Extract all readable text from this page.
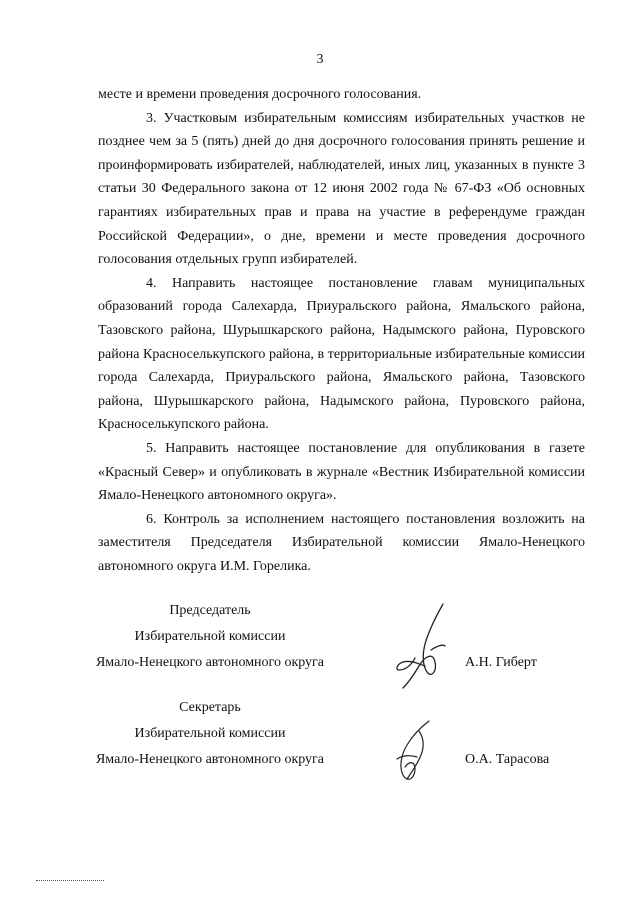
3

месте и времени проведения досрочного голосования.

3. Участковым избирательным комиссиям избирательных участков не позднее чем за 5 (пять) дней до дня досрочного голосования принять решение и проинформировать избирателей, наблюдателей, иных лиц, указанных в пункте 3 статьи 30 Федерального закона от 12 июня 2002 года № 67-ФЗ «Об основных гарантиях избирательных прав и права на участие в референдуме граждан Российской Федерации», о дне, времени и месте проведения досрочного голосования отдельных групп избирателей.

4. Направить настоящее постановление главам муниципальных образований города Салехарда, Приуральского района, Ямальского района, Тазовского района, Шурышкарского района, Надымского района, Пуровского района Красноселькупского района, в территориальные избирательные комиссии города Салехарда, Приуральского района, Ямальского района, Тазовского района, Шурышкарского района, Надымского района, Пуровского района, Красноселькупского района.

5. Направить настоящее постановление для опубликования в газете «Красный Север» и опубликовать в журнале «Вестник Избирательной комиссии Ямало-Ненецкого автономного округа».

6. Контроль за исполнением настоящего постановления возложить на заместителя Председателя Избирательной комиссии Ямало-Ненецкого автономного округа И.М. Горелика.

Председатель
Избирательной комиссии
Ямало-Ненецкого автономного округа	А.Н. Гиберт
Секретарь
Избирательной комиссии
Ямало-Ненецкого автономного округа	О.А. Тарасова
